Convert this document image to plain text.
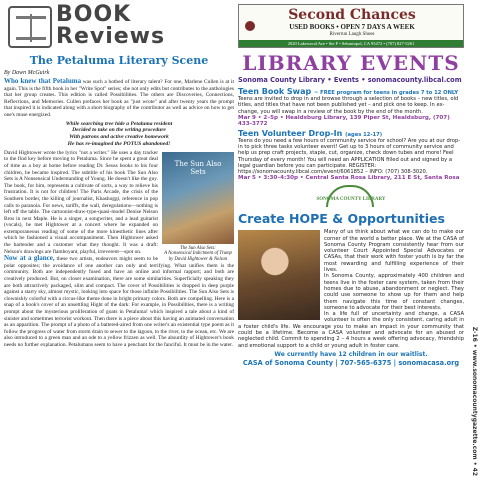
BOOK
Reviews
The Petaluma Literary Scene
By Dawn McGuirk

Who knew that Petaluma was such a hotbed of literary talent? For one, Marlene Cullen is at it again. This is the fifth book in her "Write Spot" series; she not only edits but contributes to the anthologies that her group creates. This edition is called Possibilities. The others are Discoveries, Connections, Reflections, and Memories. Cullen prefaces her book as "just wrote" and after twenty years the prompt that inspired it is indicated along with a short biography of the contributor as well as advice on how to get one's muse energized.

While searching tree hide a Petaluma resident
Decided to take on the writing procedure
With patrons and active creative homework
He has re-imagined the POTUS abandoned!
The Sun Also Sets
The Sun Also Sets:
A Nonsensical Indictment of Trump
by David Hightower & Nelson

David Hightower wrote the lyrics "not a writer." He uses a day tracker to the find key before moving to Petaluma. Since he spent a great deal of time as a boy at home before reading Dr. Seuss books to his four children, he became inspired. The subtitle of his book The Sun Also Sets is A Nonsensical Understanding of Young. He doesn't like the guy. The book, for him, represents a cultivate of sorts, a way to relieve his frustration. It is not for children! The Paris Arcade, the crisis of the Southern border, the killing of journalist, Khashoggi, reference in pop calls to paranoia. For news, tariffs, the wall, deregulations—nothing is left off the table. The cartoonist-draw-type-quasi-model Denise Nelson Bros in next Maple. He is a singer, a songwriter, and a lead guitarist (vocals), he met Hightower at a concert where he expanded on extemporaneous reading of some of the more kinesthetic lines after which he fashioned a visual accompaniment. Then Hightower asked the bartender and a customer what they thought. It was a draft: Nelson's drawings are flamboyant, playful, irreverent—spot on.

Now at a glance, these two artists, endeavors might seem to be polar opposites; the avoidance of one another can only and terrifying. What unifies them is the community. Both are independently fused and have an online and informal rapport; and both are creatively produced. But, on closer examination, there are some similarities. Superficially speaking they are both attractively packaged, slim and compact. The cover of Possibilities is dropped in deep purple against a starry sky, almost mystic, looking into space for those infinite Possibilities. The Sun Also Sets is clownishly colorful with a circus-like theme done in bright primary colors. Both are compelling. Here is a snap of a book's cover of an unsettling Hight of the dark: For example, in Possibilities, there is a writing prompt about the mysterious proliferation of goats in Petaluma! which inspired a tale about a kind of sinister and sometimes terrorist workout. Then there is a piece about this having an animated conversation as an apparition. The prompt of a photo of a battered-aired from one writer's an existential type poem as it follow the progress of water from storm drain to sewer to the lagoon, to the river, to the ocean, etc. We are also introduced to a green man and an ode to a yellow frizzen as well. The absurdity of Hightower's book needs no further explanation. Petalumans seem to have a penchant for the fanciful. It must be in the water.

Second Chances
USED BOOKS • OPEN 7 DAYS A WEEK
Riverrun Laugh Shoes
2020 Lakewood Ave • Ste F • Sebastopol, CA 95472 • (707) 827-5261
LIBRARY EVENTS
Sonoma County Library • Events • sonomacounty.libcal.com
Teen Book Swap ~ FREE program for teens in grades 7 to 12 ONLY

Teens are invited to drop in and browse through a selection of books – new titles, old titles, and titles that have not been published yet – and pick one to keep. In ex-change, you will swap in a review of the book by the end of the month.

Mar 9 • 2–5p • Healdsburg Library, 139 Piper St, Healdsburg, (707) 433-3772
Teen Volunteer Drop-In (ages 12-17)

Teens do you need a few hours of community service for school? Are you at our drop-in to pick three tasks volunteer event! Get up to 3 hours of community service and help us prep craft projects, staple, cut, organize, check down tubes and more! Feel Thursday of every month! You will need an APPLICATION filled out and signed by a legal guardian before you can participate. REGISTER: https://sonomacounty.libcal.com/event/6061852 – INFO: (707) 308-3020.

Mar 5 • 3:30–4:30p • Central Santa Rosa Library, 211 E St, Santa Rosa
SONOMA COUNTY LIBRARY
Create HOPE & Opportunities

Many of us think about what we can do to make our corner of the world a better place. We at the CASA of Sonoma County Program consistently hear from our volunteer Court Appointed Special Advocates or CASAs, that their work with foster youth is by far the most rewarding and fulfilling experience of their lives.

In Sonoma County, approximately 400 children and teens live in the foster care system, taken from their homes due to abuse, abandonment or neglect. They could use someone to show up for them and help them navigate this time of constant changes, someone to advocate for their best interests.

In a life full of uncertainty and change, a CASA volunteer is often the only consistent, caring adult in a foster child's life. We encourage you to make an impact in your community that could be a lifetime. Become a CASA volunteer and advocate for an abused or neglected child. Commit to spending 2 – 4 hours a week offering advocacy, friendship and emotional support to a child or young adult in foster care.

We currently have 12 children in our waitlist.
CASA of Sonoma County | 707-565-6375 | sonomacasa.org	Z-16 • www.sonomacountygazette.com • 42
